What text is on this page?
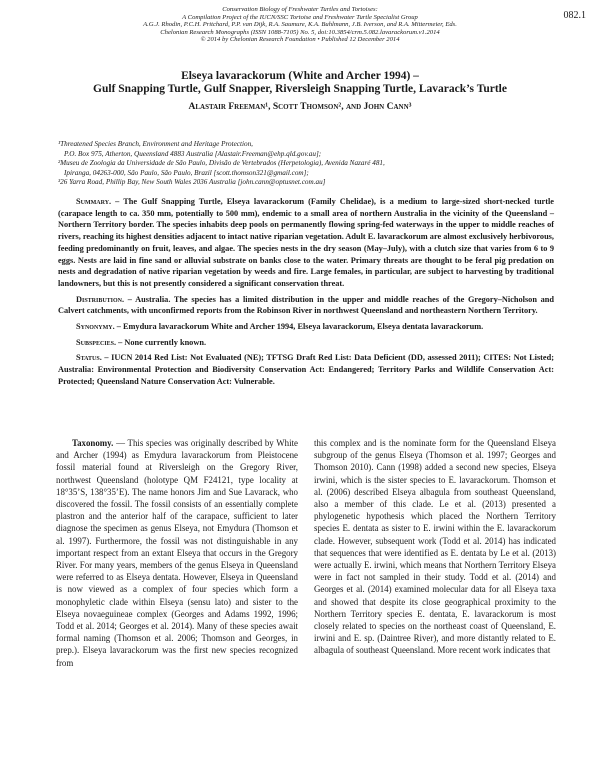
082.1
Conservation Biology of Freshwater Turtles and Tortoises:
A Compilation Project of the IUCN/SSC Tortoise and Freshwater Turtle Specialist Group
A.G.J. Rhodin, P.C.H. Pritchard, P.P. van Dijk, R.A. Saumure, K.A. Buhlmann, J.B. Iverson, and R.A. Mittermeier, Eds.
Chelonian Research Monographs (ISSN 1088-7105) No. 5, doi:10.3854/crm.5.082.lavarackorum.v1.2014
© 2014 by Chelonian Research Foundation • Published 12 December 2014
Elseya lavarackorum (White and Archer 1994) –
Gulf Snapping Turtle, Gulf Snapper, Riversleigh Snapping Turtle, Lavarack’s Turtle
Alastair Freeman¹, Scott Thomson², and John Cann³
¹Threatened Species Branch, Environment and Heritage Protection,
P.O. Box 975, Atherton, Queensland 4883 Australia [Alastair.Freeman@ehp.qld.gov.au];
²Museu de Zoologia da Universidade de São Paulo, Divisão de Vertebrados (Herpetologia), Avenida Nazaré 481,
Ipiranga, 04263-000, São Paulo, São Paulo, Brazil [scott.thomson321@gmail.com];
³26 Yarra Road, Phillip Bay, New South Wales 2036 Australia [john.cann@optusnet.com.au]

Summary. – The Gulf Snapping Turtle, Elseya lavarackorum (Family Chelidae), is a medium to large-sized short-necked turtle (carapace length to ca. 350 mm, potentially to 500 mm), endemic to a small area of northern Australia in the vicinity of the Queensland – Northern Territory border. The species inhabits deep pools on permanently flowing spring-fed waterways in the upper to middle reaches of rivers, reaching its highest densities adjacent to intact native riparian vegetation. Adult E. lavarackorum are almost exclusively herbivorous, feeding predominantly on fruit, leaves, and algae. The species nests in the dry season (May–July), with a clutch size that varies from 6 to 9 eggs. Nests are laid in fine sand or alluvial substrate on banks close to the water. Primary threats are thought to be feral pig predation on nests and degradation of native riparian vegetation by weeds and fire. Large females, in particular, are subject to harvesting by traditional landowners, but this is not presently considered a significant conservation threat.

Distribution. – Australia. The species has a limited distribution in the upper and middle reaches of the Gregory–Nicholson and Calvert catchments, with unconfirmed reports from the Robinson River in northwest Queensland and northeastern Northern Territory.

Synonymy. – Emydura lavarackorum White and Archer 1994, Elseya lavarackorum, Elseya dentata lavarackorum.

Subspecies. – None currently known.

Status. – IUCN 2014 Red List: Not Evaluated (NE); TFTSG Draft Red List: Data Deficient (DD, assessed 2011); CITES: Not Listed; Australia: Environmental Protection and Biodiversity Conservation Act: Endangered; Territory Parks and Wildlife Conservation Act: Protected; Queensland Nature Conservation Act: Vulnerable.

Taxonomy. — This species was originally described by White and Archer (1994) as Emydura lavarackorum from Pleistocene fossil material found at Riversleigh on the Gregory River, northwest Queensland (holotype QM F24121, type locality at 18°35’S, 138°35’E). The name honors Jim and Sue Lavarack, who discovered the fossil. The fossil consists of an essentially complete plastron and the anterior half of the carapace, sufficient to later diagnose the specimen as genus Elseya, not Emydura (Thomson et al. 1997). Furthermore, the fossil was not distinguishable in any important respect from an extant Elseya that occurs in the Gregory River. For many years, members of the genus Elseya in Queensland were referred to as Elseya dentata. However, Elseya in Queensland is now viewed as a complex of four species which form a monophyletic clade within Elseya (sensu lato) and sister to the Elseya novaeguineae complex (Georges and Adams 1992, 1996; Todd et al. 2014; Georges et al. 2014). Many of these species await formal naming (Thomson et al. 2006; Thomson and Georges, in prep.). Elseya lavarackorum was the first new species recognized from

this complex and is the nominate form for the Queensland Elseya subgroup of the genus Elseya (Thomson et al. 1997; Georges and Thomson 2010). Cann (1998) added a second new species, Elseya irwini, which is the sister species to E. lavarackorum. Thomson et al. (2006) described Elseya albagula from southeast Queensland, also a member of this clade. Le et al. (2013) presented a phylogenetic hypothesis which placed the Northern Territory species E. dentata as sister to E. irwini within the E. lavarackorum clade. However, subsequent work (Todd et al. 2014) has indicated that sequences that were identified as E. dentata by Le et al. (2013) were actually E. irwini, which means that Northern Territory Elseya were in fact not sampled in their study. Todd et al. (2014) and Georges et al. (2014) examined molecular data for all Elseya taxa and showed that despite its close geographical proximity to the Northern Territory species E. dentata, E. lavarackorum is most closely related to species on the northeast coast of Queensland, E. irwini and E. sp. (Daintree River), and more distantly related to E. albagula of southeast Queensland. More recent work indicates that
